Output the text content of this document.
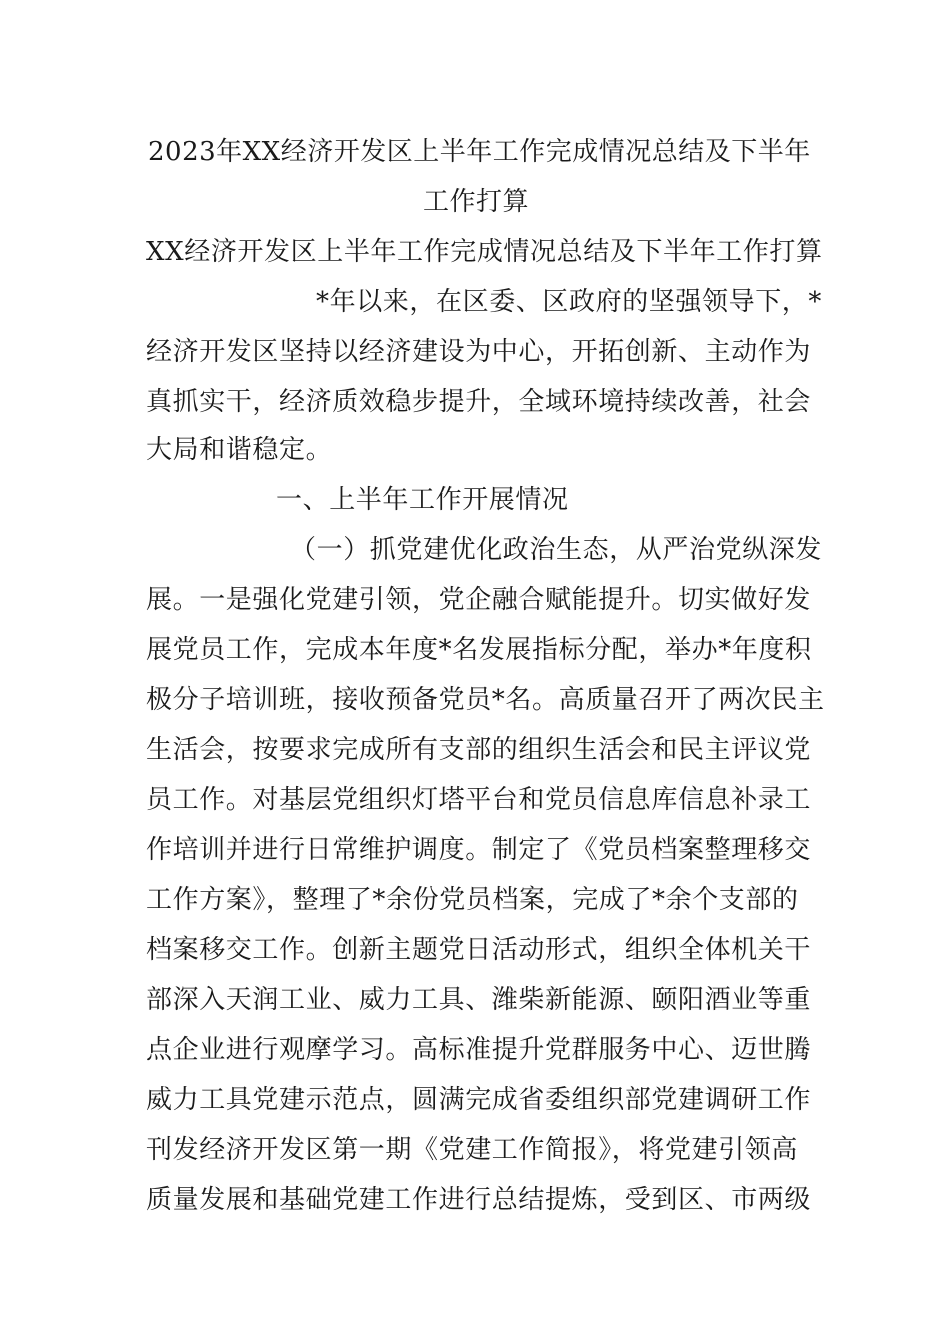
2023年XX经济开发区上半年工作完成情况总结及下半年
工作打算
XX经济开发区上半年工作完成情况总结及下半年工作打算
*年以来，在区委、区政府的坚强领导下，*
经济开发区坚持以经济建设为中心，开拓创新、主动作为
真抓实干，经济质效稳步提升，全域环境持续改善，社会
大局和谐稳定。
一、上半年工作开展情况
（一）抓党建优化政治生态，从严治党纵深发
展。一是强化党建引领，党企融合赋能提升。切实做好发
展党员工作，完成本年度*名发展指标分配，举办*年度积
极分子培训班，接收预备党员*名。高质量召开了两次民主
生活会，按要求完成所有支部的组织生活会和民主评议党
员工作。对基层党组织灯塔平台和党员信息库信息补录工
作培训并进行日常维护调度。制定了《党员档案整理移交
工作方案》，整理了*余份党员档案，完成了*余个支部的
档案移交工作。创新主题党日活动形式，组织全体机关干
部深入天润工业、威力工具、潍柴新能源、颐阳酒业等重
点企业进行观摩学习。高标准提升党群服务中心、迈世腾
威力工具党建示范点，圆满完成省委组织部党建调研工作
刊发经济开发区第一期《党建工作简报》，将党建引领高
质量发展和基础党建工作进行总结提炼，受到区、市两级
